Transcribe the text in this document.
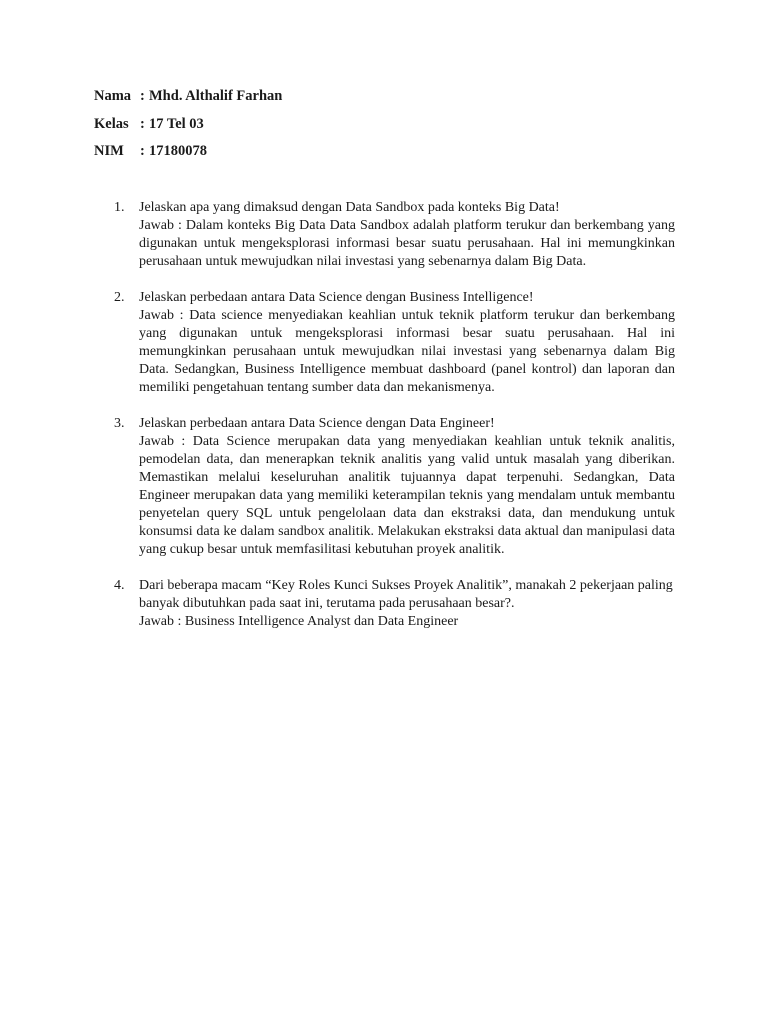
Nama : Mhd. Althalif Farhan
Kelas : 17 Tel 03
NIM : 17180078
1. Jelaskan apa yang dimaksud dengan Data Sandbox pada konteks Big Data!
Jawab : Dalam konteks Big Data Data Sandbox adalah platform terukur dan berkembang yang digunakan untuk mengeksplorasi informasi besar suatu perusahaan. Hal ini memungkinkan perusahaan untuk mewujudkan nilai investasi yang sebenarnya dalam Big Data.
2. Jelaskan perbedaan antara Data Science dengan Business Intelligence!
Jawab : Data science menyediakan keahlian untuk teknik platform terukur dan berkembang yang digunakan untuk mengeksplorasi informasi besar suatu perusahaan. Hal ini memungkinkan perusahaan untuk mewujudkan nilai investasi yang sebenarnya dalam Big Data. Sedangkan, Business Intelligence membuat dashboard (panel kontrol) dan laporan dan memiliki pengetahuan tentang sumber data dan mekanismenya.
3. Jelaskan perbedaan antara Data Science dengan Data Engineer!
Jawab : Data Science merupakan data yang menyediakan keahlian untuk teknik analitis, pemodelan data, dan menerapkan teknik analitis yang valid untuk masalah yang diberikan. Memastikan melalui keseluruhan analitik tujuannya dapat terpenuhi. Sedangkan, Data Engineer merupakan data yang memiliki keterampilan teknis yang mendalam untuk membantu penyetelan query SQL untuk pengelolaan data dan ekstraksi data, dan mendukung untuk konsumsi data ke dalam sandbox analitik. Melakukan ekstraksi data aktual dan manipulasi data yang cukup besar untuk memfasilitasi kebutuhan proyek analitik.
4. Dari beberapa macam “Key Roles Kunci Sukses Proyek Analitik”, manakah 2 pekerjaan paling banyak dibutuhkan pada saat ini, terutama pada perusahaan besar?.
Jawab : Business Intelligence Analyst dan Data Engineer
